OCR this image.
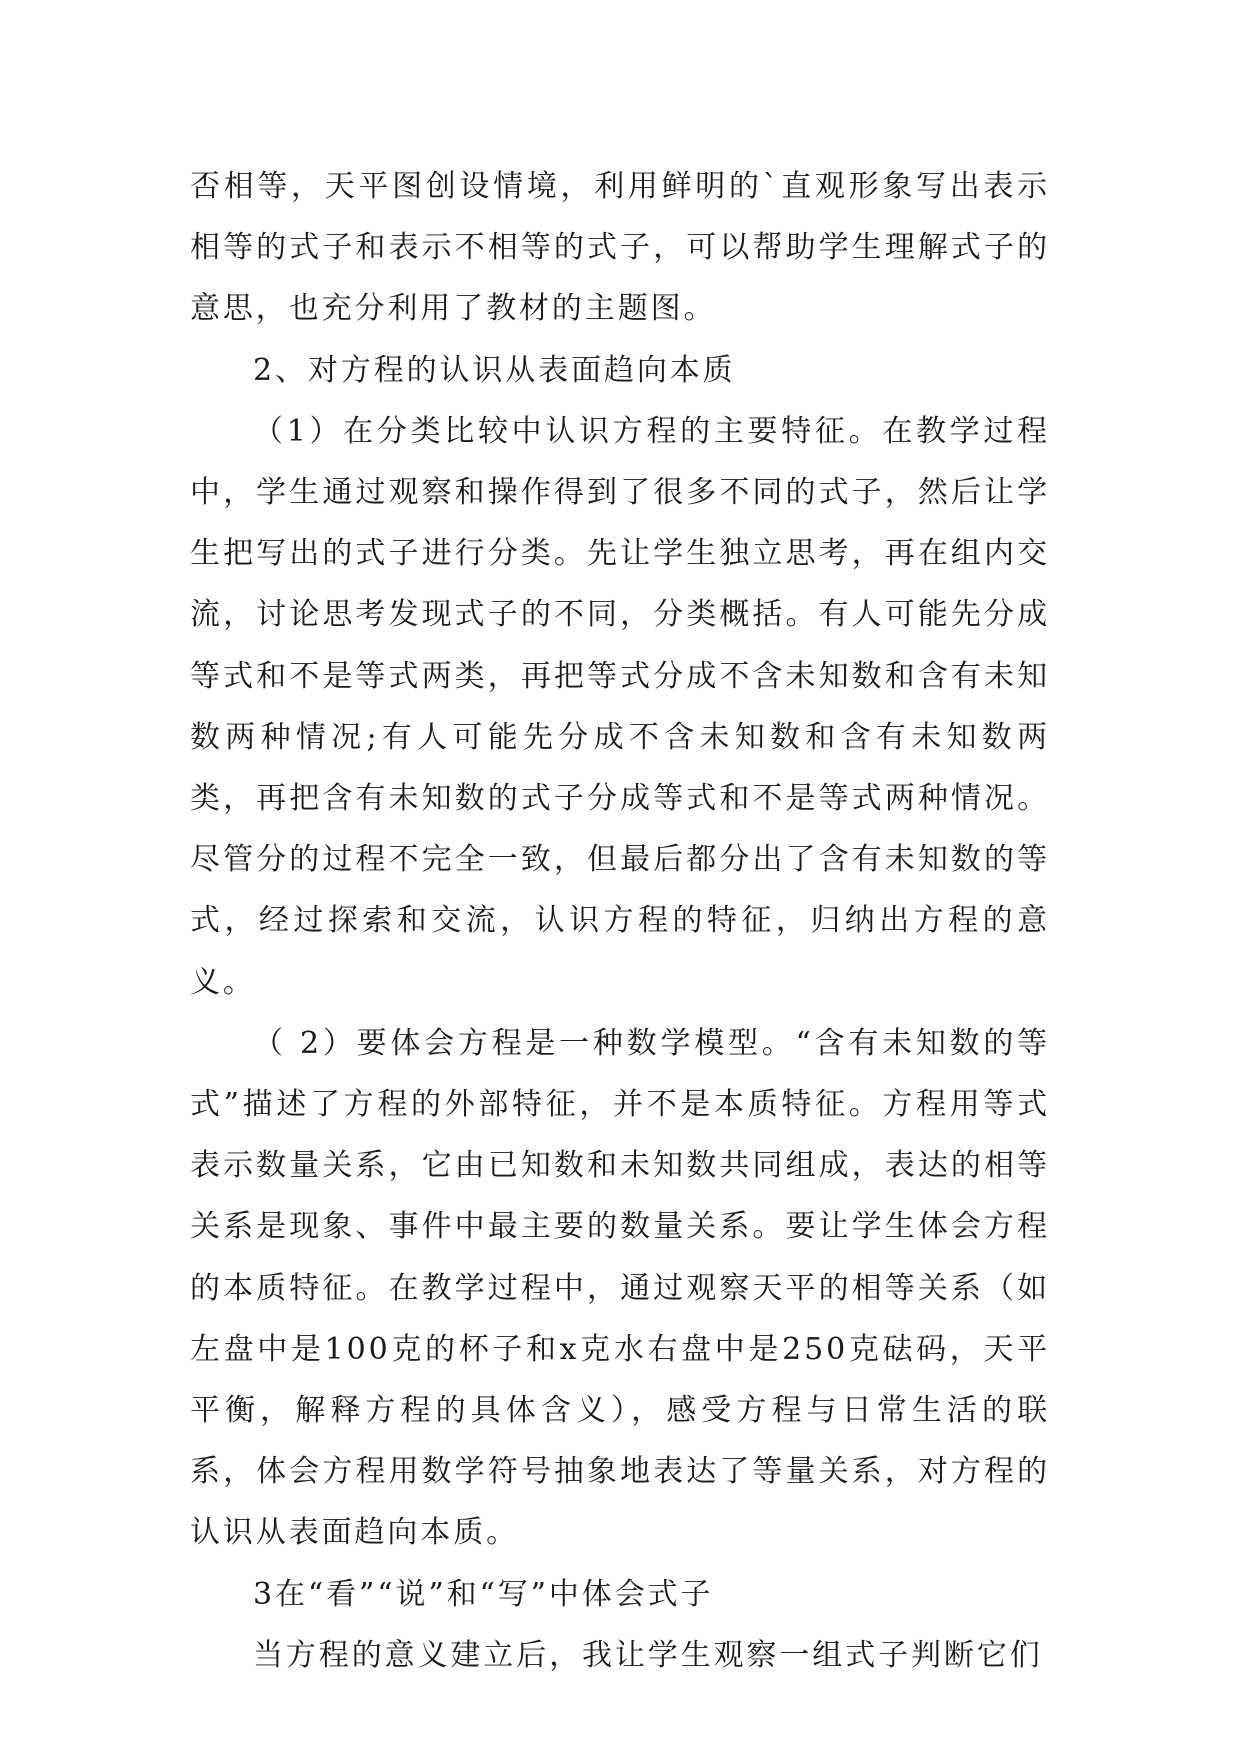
否相等，天平图创设情境，利用鲜明的`直观形象写出表示相等的式子和表示不相等的式子，可以帮助学生理解式子的意思，也充分利用了教材的主题图。

2、对方程的认识从表面趋向本质

（1）在分类比较中认识方程的主要特征。在教学过程中，学生通过观察和操作得到了很多不同的式子，然后让学生把写出的式子进行分类。先让学生独立思考，再在组内交流，讨论思考发现式子的不同，分类概括。有人可能先分成等式和不是等式两类，再把等式分成不含未知数和含有未知数两种情况;有人可能先分成不含未知数和含有未知数两类，再把含有未知数的式子分成等式和不是等式两种情况。尽管分的过程不完全一致，但最后都分出了含有未知数的等式，经过探索和交流，认识方程的特征，归纳出方程的意义。

（ 2）要体会方程是一种数学模型。“含有未知数的等式”描述了方程的外部特征，并不是本质特征。方程用等式表示数量关系，它由已知数和未知数共同组成，表达的相等关系是现象、事件中最主要的数量关系。要让学生体会方程的本质特征。在教学过程中，通过观察天平的相等关系（如左盘中是100克的杯子和x克水右盘中是250克砝码，天平平衡，解释方程的具体含义），感受方程与日常生活的联系，体会方程用数学符号抽象地表达了等量关系，对方程的认识从表面趋向本质。

3在“看”“说”和“写”中体会式子

当方程的意义建立后，我让学生观察一组式子判断它们
